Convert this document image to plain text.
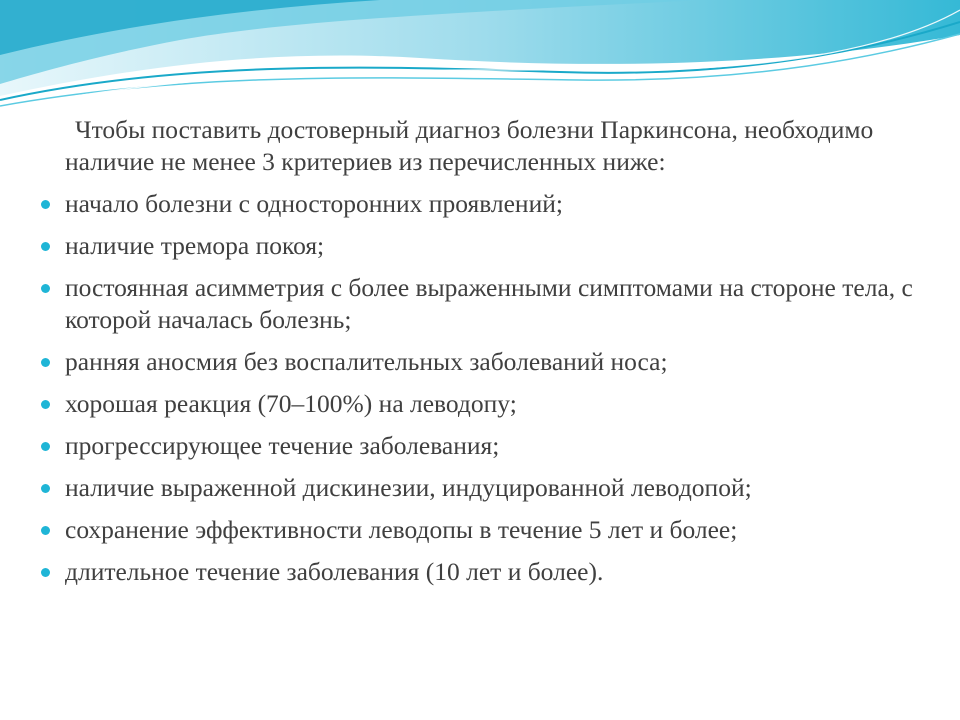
Чтобы поставить достоверный диагноз болезни Паркинсона, необходимо наличие не менее 3 критериев из перечисленных ниже:

начало болезни с односторонних проявлений;
наличие тремора покоя;
постоянная асимметрия с более выраженными симптомами на стороне тела, с которой началась болезнь;
ранняя аносмия без воспалительных заболеваний носа;
хорошая реакция (70–100%) на леводопу;
прогрессирующее течение заболевания;
наличие выраженной дискинезии, индуцированной леводопой;
сохранение эффективности леводопы в течение 5 лет и более;
длительное течение заболевания (10 лет и более).
